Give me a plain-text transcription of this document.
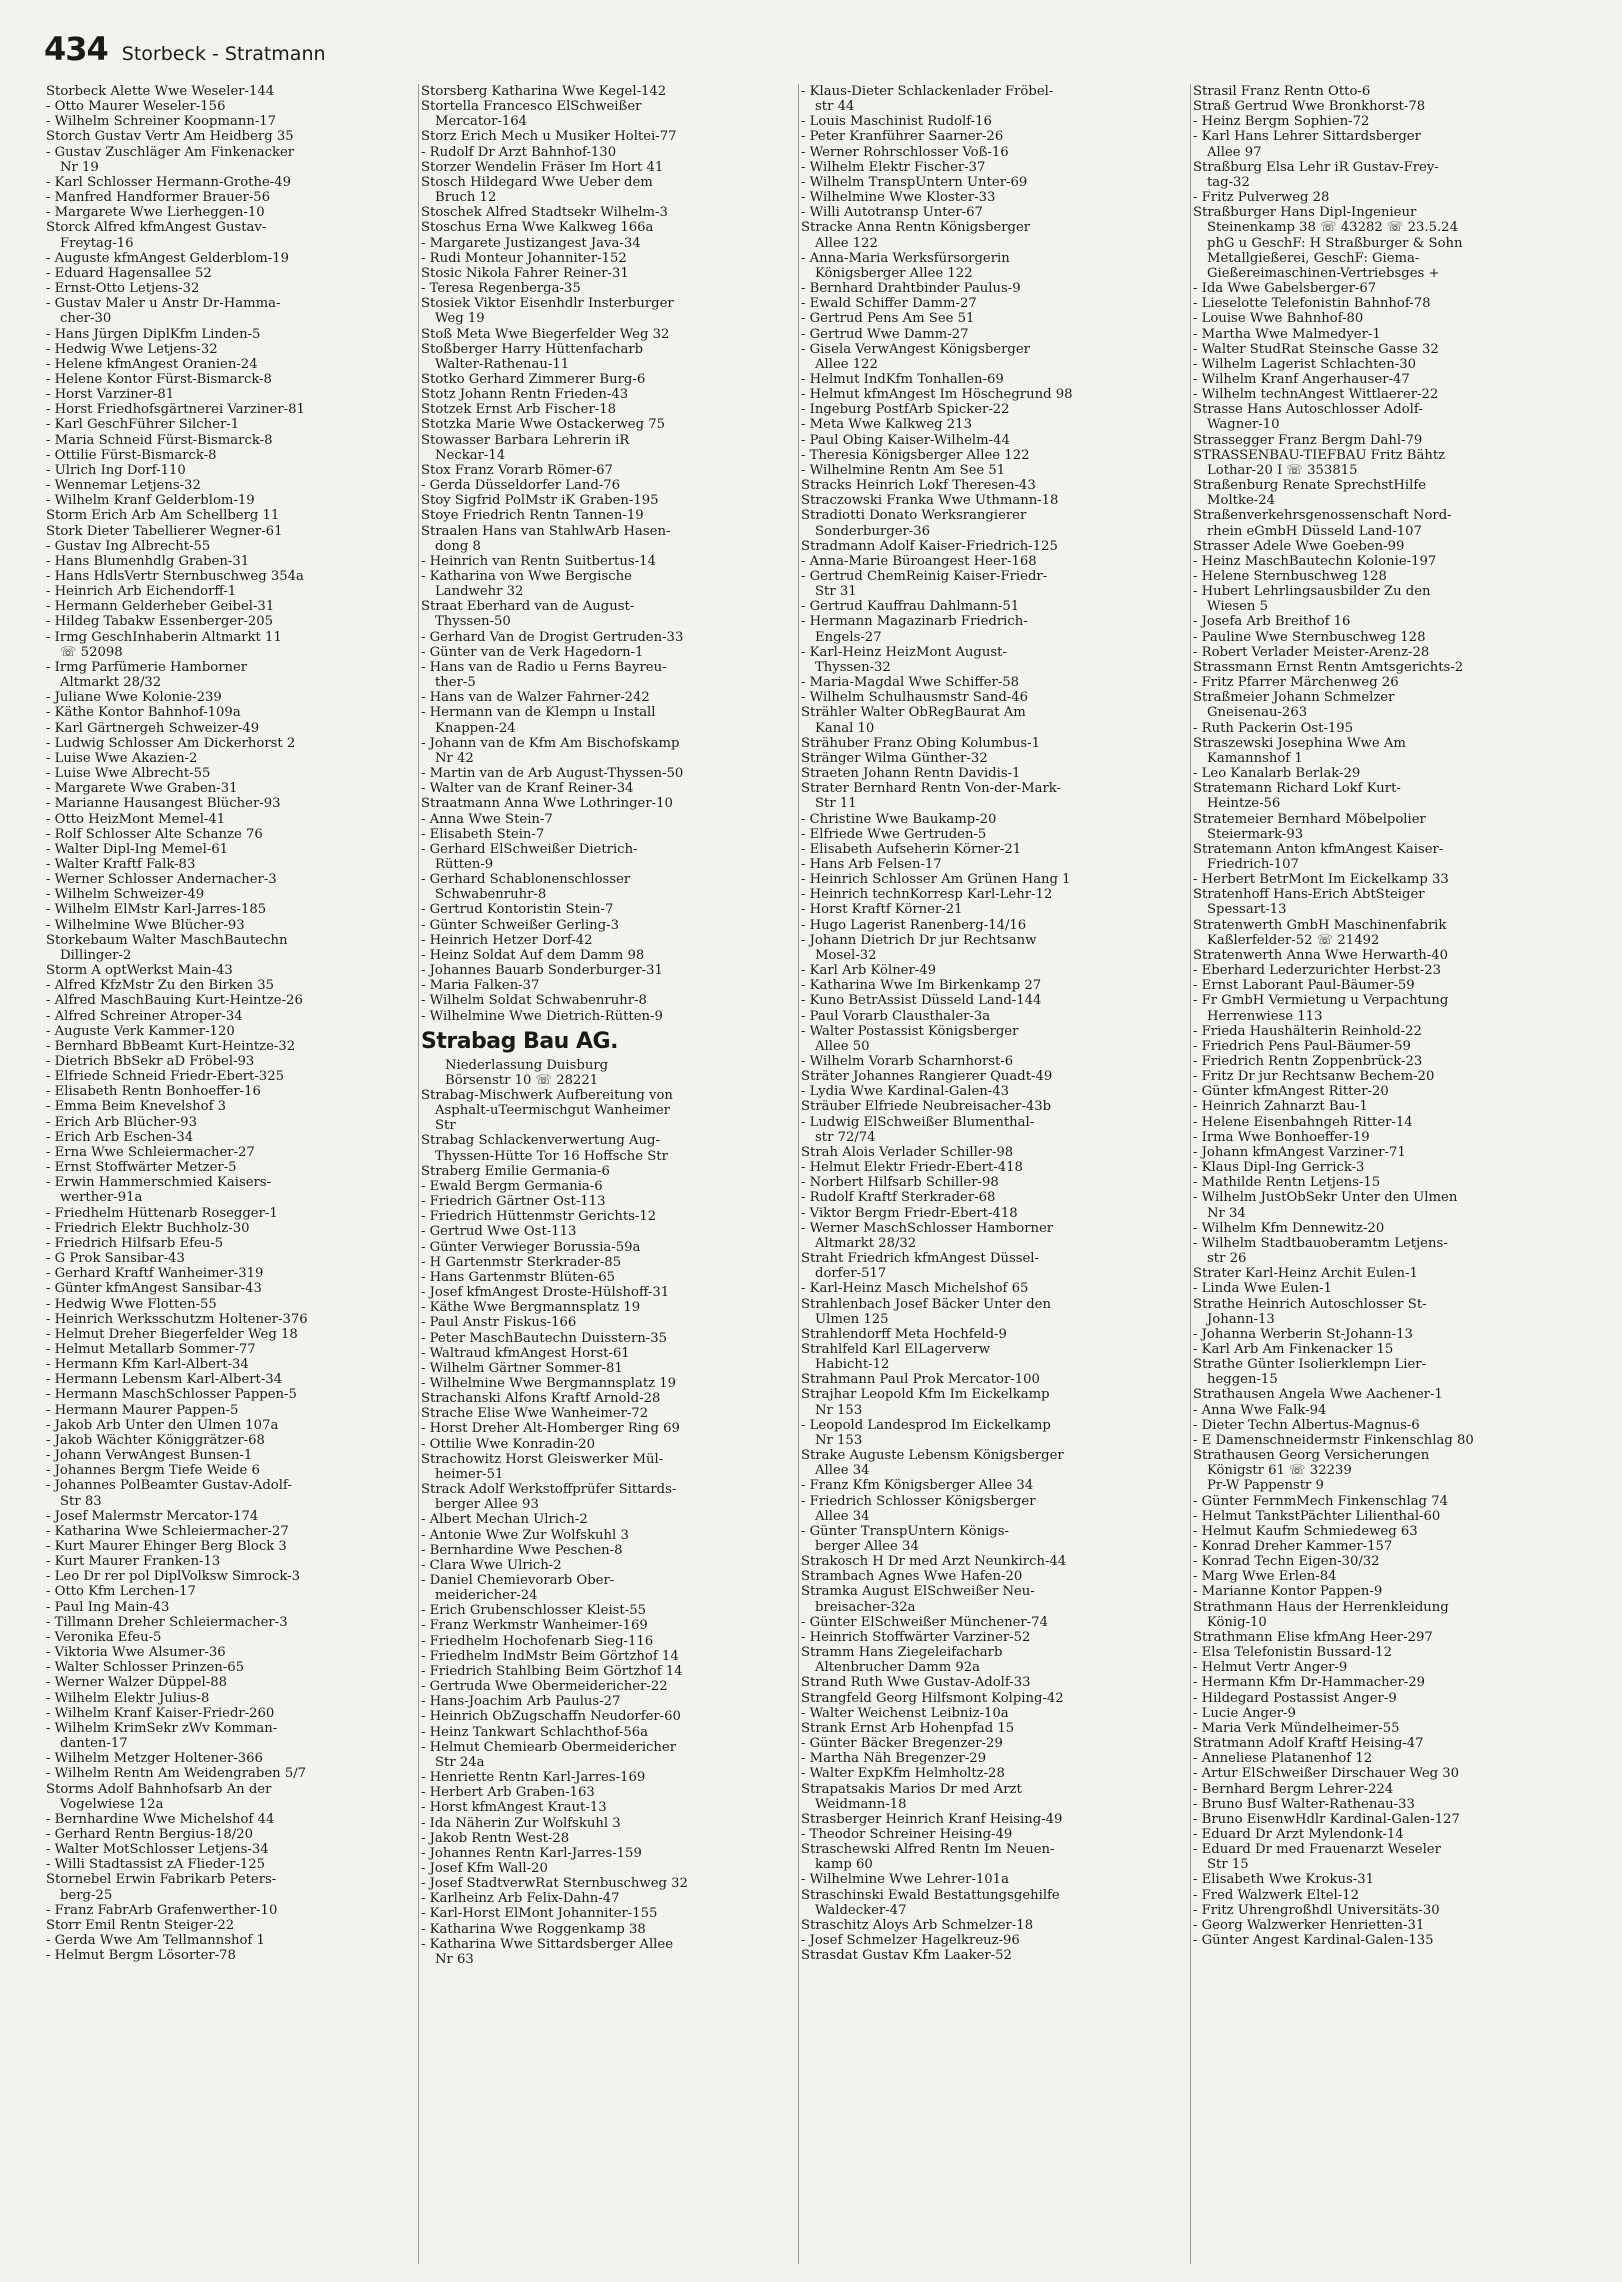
434 Storbeck - Stratmann
Storbeck Alette Wwe Weseler-144
- Otto Maurer Weseler-156
- Wilhelm Schreiner Koopmann-17
Storch Gustav Vertr Am Heidberg 35
- Gustav Zuschläger Am Finkenacker
Nr 19
- Karl Schlosser Hermann-Grothe-49
- Manfred Handformer Brauer-56
- Margarete Wwe Lierheggen-10
Storck Alfred kfmAngest Gustav-
Freytag-16
- Auguste kfmAngest Gelderblom-19
- Eduard Hagensallee 52
- Ernst-Otto Letjens-32
- Gustav Maler u Anstr Dr-Hamma-
cher-30
- Hans Jürgen DiplKfm Linden-5
- Hedwig Wwe Letjens-32
- Helene kfmAngest Oranien-24
- Helene Kontor Fürst-Bismarck-8
- Horst Varziner-81
- Horst Friedhofsgärtnerei Varziner-81
- Karl GeschFührer Silcher-1
- Maria Schneid Fürst-Bismarck-8
- Ottilie Fürst-Bismarck-8
- Ulrich Ing Dorf-110
- Wennemar Letjens-32
- Wilhelm Kranf Gelderblom-19
Storm Erich Arb Am Schellberg 11
Stork Dieter Tabellierer Wegner-61
- Gustav Ing Albrecht-55
- Hans Blumenhdlg Graben-31
- Hans HdlsVertr Sternbuschweg 354a
- Heinrich Arb Eichendorff-1
- Hermann Gelderheber Geibel-31
- Hildeg Tabakw Essenberger-205
- Irmg GeschInhaberin Altmarkt 11
☏ 52098
- Irmg Parfümerie Hamborner
Altmarkt 28/32
- Juliane Wwe Kolonie-239
- Käthe Kontor Bahnhof-109a
- Karl Gärtnergeh Schweizer-49
- Ludwig Schlosser Am Dickerhorst 2
- Luise Wwe Akazien-2
- Luise Wwe Albrecht-55
- Margarete Wwe Graben-31
- Marianne Hausangest Blücher-93
- Otto HeizMont Memel-41
- Rolf Schlosser Alte Schanze 76
- Walter Dipl-Ing Memel-61
- Walter Kraftf Falk-83
- Werner Schlosser Andernacher-3
- Wilhelm Schweizer-49
- Wilhelm ElMstr Karl-Jarres-185
- Wilhelmine Wwe Blücher-93
Storkebaum Walter MaschBautechn
Dillinger-2
Storm A optWerkst Main-43
- Alfred KfzMstr Zu den Birken 35
- Alfred MaschBauing Kurt-Heintze-26
- Alfred Schreiner Atroper-34
- Auguste Verk Kammer-120
- Bernhard BbBeamt Kurt-Heintze-32
- Dietrich BbSekr aD Fröbel-93
- Elfriede Schneid Friedr-Ebert-325
- Elisabeth Rentn Bonhoeffer-16
- Emma Beim Knevelshof 3
- Erich Arb Blücher-93
- Erich Arb Eschen-34
- Erna Wwe Schleiermacher-27
- Ernst Stoffwärter Metzer-5
- Erwin Hammerschmied Kaisers-
werther-91a
- Friedhelm Hüttenarb Rosegger-1
- Friedrich Elektr Buchholz-30
- Friedrich Hilfsarb Efeu-5
- G Prok Sansibar-43
- Gerhard Kraftf Wanheimer-319
- Günter kfmAngest Sansibar-43
- Hedwig Wwe Flotten-55
- Heinrich Werksschutzm Holtener-376
- Helmut Dreher Biegerfelder Weg 18
- Helmut Metallarb Sommer-77
- Hermann Kfm Karl-Albert-34
- Hermann Lebensm Karl-Albert-34
- Hermann MaschSchlosser Pappen-5
- Hermann Maurer Pappen-5
- Jakob Arb Unter den Ulmen 107a
- Jakob Wächter Königgrätzer-68
- Johann VerwAngest Bunsen-1
- Johannes Bergm Tiefe Weide 6
- Johannes PolBeamter Gustav-Adolf-
Str 83
- Josef Malermstr Mercator-174
- Katharina Wwe Schleiermacher-27
- Kurt Maurer Ehinger Berg Block 3
- Kurt Maurer Franken-13
- Leo Dr rer pol DiplVolksw Simrock-3
- Otto Kfm Lerchen-17
- Paul Ing Main-43
- Tillmann Dreher Schleiermacher-3
- Veronika Efeu-5
- Viktoria Wwe Alsumer-36
- Walter Schlosser Prinzen-65
- Werner Walzer Düppel-88
- Wilhelm Elektr Julius-8
- Wilhelm Kranf Kaiser-Friedr-260
- Wilhelm KrimSekr zWv Komman-
danten-17
- Wilhelm Metzger Holtener-366
- Wilhelm Rentn Am Weidengraben 5/7
Storms Adolf Bahnhofsarb An der
Vogelwiese 12a
- Bernhardine Wwe Michelshof 44
- Gerhard Rentn Bergius-18/20
- Walter MotSchlosser Letjens-34
- Willi Stadtassist zA Flieder-125
Stornebel Erwin Fabrikarb Peters-
berg-25
- Franz FabrArb Grafenwerther-10
Storr Emil Rentn Steiger-22
- Gerda Wwe Am Tellmannshof 1
- Helmut Bergm Lösorter-78
Storsberg Katharina Wwe Kegel-142
Stortella Francesco ElSchweißer
Mercator-164
Storz Erich Mech u Musiker Holtei-77
- Rudolf Dr Arzt Bahnhof-130
Storzer Wendelin Fräser Im Hort 41
Stosch Hildegard Wwe Ueber dem
Bruch 12
Stoschek Alfred Stadtsekr Wilhelm-3
Stoschus Erna Wwe Kalkweg 166a
- Margarete Justizangest Java-34
- Rudi Monteur Johanniter-152
Stosic Nikola Fahrer Reiner-31
- Teresa Regenberga-35
Stosiek Viktor Eisenhdlr Insterburger
Weg 19
Stoß Meta Wwe Biegerfelder Weg 32
Stoßberger Harry Hüttenfacharb
Walter-Rathenau-11
Stotko Gerhard Zimmerer Burg-6
Stotz Johann Rentn Frieden-43
Stotzek Ernst Arb Fischer-18
Stotzka Marie Wwe Ostackerweg 75
Stowasser Barbara Lehrerin iR
Neckar-14
Stox Franz Vorarb Römer-67
- Gerda Düsseldorfer Land-76
Stoy Sigfrid PolMstr iK Graben-195
Stoye Friedrich Rentn Tannen-19
Straalen Hans van StahlwArb Hasen-
dong 8
- Heinrich van Rentn Suitbertus-14
- Katharina von Wwe Bergische
Landwehr 32
Straat Eberhard van de August-
Thyssen-50
- Gerhard Van de Drogist Gertruden-33
- Günter van de Verk Hagedorn-1
- Hans van de Radio u Ferns Bayreu-
ther-5
- Hans van de Walzer Fahrner-242
- Hermann van de Klempn u Install
Knappen-24
- Johann van de Kfm Am Bischofskamp
Nr 42
- Martin van de Arb August-Thyssen-50
- Walter van de Kranf Reiner-34
Straatmann Anna Wwe Lothringer-10
- Anna Wwe Stein-7
- Elisabeth Stein-7
- Gerhard ElSchweißer Dietrich-
Rütten-9
- Gerhard Schablonenschlosser
Schwabenruhr-8
- Gertrud Kontoristin Stein-7
- Günter Schweißer Gerling-3
- Heinrich Hetzer Dorf-42
- Heinz Soldat Auf dem Damm 98
- Johannes Bauarb Sonderburger-31
- Maria Falken-37
- Wilhelm Soldat Schwabenruhr-8
- Wilhelmine Wwe Dietrich-Rütten-9
Strabag Bau AG.
Niederlassung Duisburg
Börsenstr 10 ☏ 28221
Strabag-Mischwerk Aufbereitung von
Asphalt-uTeermischgut Wanheimer
Str
Strabag Schlackenverwertung Aug-
Thyssen-Hütte Tor 16 Hoffsche Str
Straberg Emilie Germania-6
- Ewald Bergm Germania-6
- Friedrich Gärtner Ost-113
- Friedrich Hüttenmstr Gerichts-12
- Gertrud Wwe Ost-113
- Günter Verwieger Borussia-59a
- H Gartenmstr Sterkrader-85
- Hans Gartenmstr Blüten-65
- Josef kfmAngest Droste-Hülshoff-31
- Käthe Wwe Bergmannsplatz 19
- Paul Anstr Fiskus-166
- Peter MaschBautechn Duisstern-35
- Waltraud kfmAngest Horst-61
- Wilhelm Gärtner Sommer-81
- Wilhelmine Wwe Bergmannsplatz 19
Strachanski Alfons Kraftf Arnold-28
Strache Elise Wwe Wanheimer-72
- Horst Dreher Alt-Homberger Ring 69
- Ottilie Wwe Konradin-20
Strachowitz Horst Gleiswerker Mül-
heimer-51
Strack Adolf Werkstoffprüfer Sittards-
berger Allee 93
- Albert Mechan Ulrich-2
- Antonie Wwe Zur Wolfskuhl 3
- Bernhardine Wwe Peschen-8
- Clara Wwe Ulrich-2
- Daniel Chemievorarb Ober-
meidericher-24
- Erich Grubenschlosser Kleist-55
- Franz Werkmstr Wanheimer-169
- Friedhelm Hochofenarb Sieg-116
- Friedhelm IndMstr Beim Görtzhof 14
- Friedrich Stahlbing Beim Görtzhof 14
- Gertruda Wwe Obermeidericher-22
- Hans-Joachim Arb Paulus-27
- Heinrich ObZugschaffn Neudorfer-60
- Heinz Tankwart Schlachthof-56a
- Helmut Chemiearb Obermeidericher
Str 24a
- Henriette Rentn Karl-Jarres-169
- Herbert Arb Graben-163
- Horst kfmAngest Kraut-13
- Ida Näherin Zur Wolfskuhl 3
- Jakob Rentn West-28
- Johannes Rentn Karl-Jarres-159
- Josef Kfm Wall-20
- Josef StadtverwRat Sternbuschweg 32
- Karlheinz Arb Felix-Dahn-47
- Karl-Horst ElMont Johanniter-155
- Katharina Wwe Roggenkamp 38
- Katharina Wwe Sittardsberger Allee
Nr 63
- Klaus-Dieter Schlackenlader Fröbel-
str 44
- Louis Maschinist Rudolf-16
- Peter Kranführer Saarner-26
- Werner Rohrschlosser Voß-16
- Wilhelm Elektr Fischer-37
- Wilhelm TranspUntern Unter-69
- Wilhelmine Wwe Kloster-33
- Willi Autotransp Unter-67
Stracke Anna Rentn Königsberger
Allee 122
- Anna-Maria Werksfürsorgerin
Königsberger Allee 122
- Bernhard Drahtbinder Paulus-9
- Ewald Schiffer Damm-27
- Gertrud Pens Am See 51
- Gertrud Wwe Damm-27
- Gisela VerwAngest Königsberger
Allee 122
- Helmut IndKfm Tonhallen-69
- Helmut kfmAngest Im Höschegrund 98
- Ingeburg PostfArb Spicker-22
- Meta Wwe Kalkweg 213
- Paul Obing Kaiser-Wilhelm-44
- Theresia Königsberger Allee 122
- Wilhelmine Rentn Am See 51
Stracks Heinrich Lokf Theresen-43
Straczowski Franka Wwe Uthmann-18
Stradiotti Donato Werksrangierer
Sonderburger-36
Stradmann Adolf Kaiser-Friedrich-125
- Anna-Marie Büroangest Heer-168
- Gertrud ChemReinig Kaiser-Friedr-
Str 31
- Gertrud Kauffrau Dahlmann-51
- Hermann Magazinarb Friedrich-
Engels-27
- Karl-Heinz HeizMont August-
Thyssen-32
- Maria-Magdal Wwe Schiffer-58
- Wilhelm Schulhausmstr Sand-46
Strähler Walter ObRegBaurat Am
Kanal 10
Strähuber Franz Obing Kolumbus-1
Stränger Wilma Günther-32
Straeten Johann Rentn Davidis-1
Strater Bernhard Rentn Von-der-Mark-
Str 11
- Christine Wwe Baukamp-20
- Elfriede Wwe Gertruden-5
- Elisabeth Aufseherin Körner-21
- Hans Arb Felsen-17
- Heinrich Schlosser Am Grünen Hang 1
- Heinrich technKorresp Karl-Lehr-12
- Horst Kraftf Körner-21
- Hugo Lagerist Ranenberg-14/16
- Johann Dietrich Dr jur Rechtsanw
Mosel-32
- Karl Arb Kölner-49
- Katharina Wwe Im Birkenkamp 27
- Kuno BetrAssist Düsseld Land-144
- Paul Vorarb Clausthaler-3a
- Walter Postassist Königsberger
Allee 50
- Wilhelm Vorarb Scharnhorst-6
Sträter Johannes Rangierer Quadt-49
- Lydia Wwe Kardinal-Galen-43
Sträuber Elfriede Neubreisacher-43b
- Ludwig ElSchweißer Blumenthal-
str 72/74
Strah Alois Verlader Schiller-98
- Helmut Elektr Friedr-Ebert-418
- Norbert Hilfsarb Schiller-98
- Rudolf Kraftf Sterkrader-68
- Viktor Bergm Friedr-Ebert-418
- Werner MaschSchlosser Hamborner
Altmarkt 28/32
Straht Friedrich kfmAngest Düssel-
dorfer-517
- Karl-Heinz Masch Michelshof 65
Strahlenbach Josef Bäcker Unter den
Ulmen 125
Strahlendorff Meta Hochfeld-9
Strahlfeld Karl ElLagerverw
Habicht-12
Strahmann Paul Prok Mercator-100
Strajhar Leopold Kfm Im Eickelkamp
Nr 153
- Leopold Landesprod Im Eickelkamp
Nr 153
Strake Auguste Lebensm Königsberger
Allee 34
- Franz Kfm Königsberger Allee 34
- Friedrich Schlosser Königsberger
Allee 34
- Günter TranspUntern Königs-
berger Allee 34
Strakosch H Dr med Arzt Neunkirch-44
Strambach Agnes Wwe Hafen-20
Stramka August ElSchweißer Neu-
breisacher-32a
- Günter ElSchweißer Münchener-74
- Heinrich Stoffwärter Varziner-52
Stramm Hans Ziegeleifacharb
Altenbrucher Damm 92a
Strand Ruth Wwe Gustav-Adolf-33
Strangfeld Georg Hilfsmont Kolping-42
- Walter Weichenst Leibniz-10a
Strank Ernst Arb Hohenpfad 15
- Günter Bäcker Bregenzer-29
- Martha Näh Bregenzer-29
- Walter ExpKfm Helmholtz-28
Strapatsakis Marios Dr med Arzt
Weidmann-18
Strasberger Heinrich Kranf Heising-49
- Theodor Schreiner Heising-49
Straschewski Alfred Rentn Im Neuen-
kamp 60
- Wilhelmine Wwe Lehrer-101a
Straschinski Ewald Bestattungsgehilfe
Waldecker-47
Straschitz Aloys Arb Schmelzer-18
- Josef Schmelzer Hagelkreuz-96
Strasdat Gustav Kfm Laaker-52
Strasil Franz Rentn Otto-6
Straß Gertrud Wwe Bronkhorst-78
- Heinz Bergm Sophien-72
- Karl Hans Lehrer Sittardsberger
Allee 97
Straßburg Elsa Lehr iR Gustav-Frey-
tag-32
- Fritz Pulverweg 28
Straßburger Hans Dipl-Ingenieur
Steinenkamp 38 ☏ 43282 ☏ 23.5.24
phG u GeschF: H Straßburger & Sohn
Metallgießerei, GeschF: Giema-
Gießereimaschinen-Vertriebsges +
- Ida Wwe Gabelsberger-67
- Lieselotte Telefonistin Bahnhof-78
- Louise Wwe Bahnhof-80
- Martha Wwe Malmedyer-1
- Walter StudRat Steinsche Gasse 32
- Wilhelm Lagerist Schlachten-30
- Wilhelm Kranf Angerhauser-47
- Wilhelm technAngest Wittlaerer-22
Strasse Hans Autoschlosser Adolf-
Wagner-10
Strassegger Franz Bergm Dahl-79
STRASSENBAU-TIEFBAU Fritz Bähtz
Lothar-20 I ☏ 353815
Straßenburg Renate SprechstHilfe
Moltke-24
Straßenverkehrsgenossenschaft Nord-
rhein eGmbH Düsseld Land-107
Strasser Adele Wwe Goeben-99
- Heinz MaschBautechn Kolonie-197
- Helene Sternbuschweg 128
- Hubert Lehrlingsausbilder Zu den
Wiesen 5
- Josefa Arb Breithof 16
- Pauline Wwe Sternbuschweg 128
- Robert Verlader Meister-Arenz-28
Strassmann Ernst Rentn Amtsgerichts-2
- Fritz Pfarrer Märchenweg 26
Straßmeier Johann Schmelzer
Gneisenau-263
- Ruth Packerin Ost-195
Straszewski Josephina Wwe Am
Kamannshof 1
- Leo Kanalarb Berlak-29
Stratemann Richard Lokf Kurt-
Heintze-56
Stratemeier Bernhard Möbelpolier
Steiermark-93
Stratemann Anton kfmAngest Kaiser-
Friedrich-107
- Herbert BetrMont Im Eickelkamp 33
Stratenhoff Hans-Erich AbtSteiger
Spessart-13
Stratenwerth GmbH Maschinenfabrik
Kaßlerfelder-52 ☏ 21492
Stratenwerth Anna Wwe Herwarth-40
- Eberhard Lederzurichter Herbst-23
- Ernst Laborant Paul-Bäumer-59
- Fr GmbH Vermietung u Verpachtung
Herrenwiese 113
- Frieda Haushälterin Reinhold-22
- Friedrich Pens Paul-Bäumer-59
- Friedrich Rentn Zoppenbrück-23
- Fritz Dr jur Rechtsanw Bechem-20
- Günter kfmAngest Ritter-20
- Heinrich Zahnarzt Bau-1
- Helene Eisenbahngeh Ritter-14
- Irma Wwe Bonhoeffer-19
- Johann kfmAngest Varziner-71
- Klaus Dipl-Ing Gerrick-3
- Mathilde Rentn Letjens-15
- Wilhelm JustObSekr Unter den Ulmen
Nr 34
- Wilhelm Kfm Dennewitz-20
- Wilhelm Stadtbauoberamtm Letjens-
str 26
Strater Karl-Heinz Archit Eulen-1
- Linda Wwe Eulen-1
Strathe Heinrich Autoschlosser St-
Johann-13
- Johanna Werberin St-Johann-13
- Karl Arb Am Finkenacker 15
Strathe Günter Isolierklempn Lier-
heggen-15
Strathausen Angela Wwe Aachener-1
- Anna Wwe Falk-94
- Dieter Techn Albertus-Magnus-6
- E Damenschneidermstr Finkenschlag 80
Strathausen Georg Versicherungen
Königstr 61 ☏ 32239
Pr-W Pappenstr 9
- Günter FernmMech Finkenschlag 74
- Helmut TankstPächter Lilienthal-60
- Helmut Kaufm Schmiedeweg 63
- Konrad Dreher Kammer-157
- Konrad Techn Eigen-30/32
- Marg Wwe Erlen-84
- Marianne Kontor Pappen-9
Strathmann Haus der Herrenkleidung
König-10
Strathmann Elise kfmAng Heer-297
- Elsa Telefonistin Bussard-12
- Helmut Vertr Anger-9
- Hermann Kfm Dr-Hammacher-29
- Hildegard Postassist Anger-9
- Lucie Anger-9
- Maria Verk Mündelheimer-55
Stratmann Adolf Kraftf Heising-47
- Anneliese Platanenhof 12
- Artur ElSchweißer Dirschauer Weg 30
- Bernhard Bergm Lehrer-224
- Bruno Busf Walter-Rathenau-33
- Bruno EisenwHdlr Kardinal-Galen-127
- Eduard Dr Arzt Mylendonk-14
- Eduard Dr med Frauenarzt Weseler
Str 15
- Elisabeth Wwe Krokus-31
- Fred Walzwerk Eltel-12
- Fritz Uhrengroßhdl Universitäts-30
- Georg Walzwerker Henrietten-31
- Günter Angest Kardinal-Galen-135
